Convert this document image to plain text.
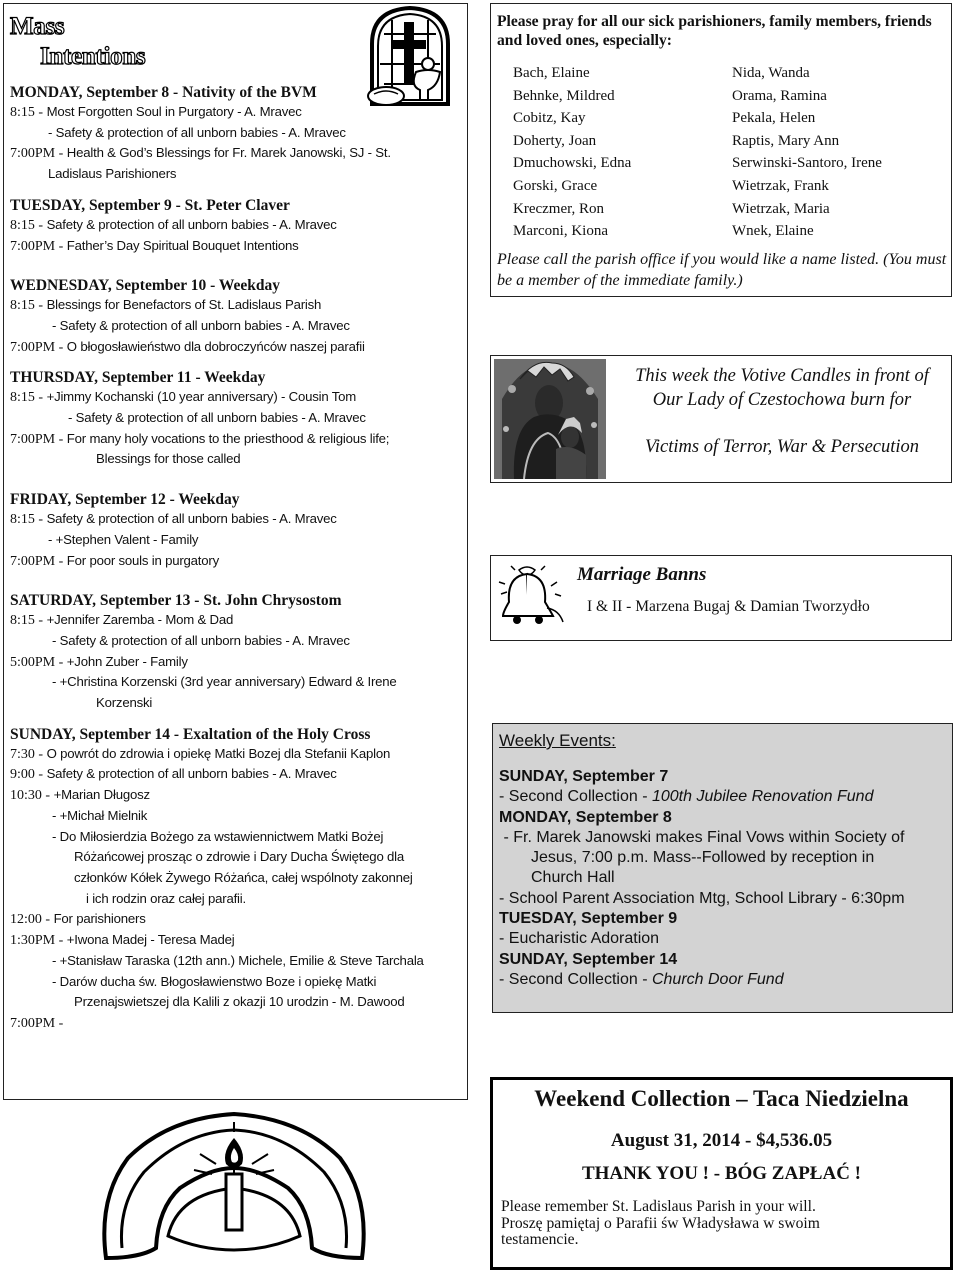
Mass
Intentions
MONDAY, September 8 - Nativity of the BVM
8:15 - Most Forgotten Soul in Purgatory - A. Mravec
- Safety & protection of all unborn babies - A. Mravec
7:00PM - Health & God’s Blessings for Fr. Marek Janowski, SJ - St.
Ladislaus Parishioners
TUESDAY, September 9 - St. Peter Claver
8:15 - Safety & protection of all unborn babies - A. Mravec
7:00PM - Father’s Day Spiritual Bouquet Intentions
WEDNESDAY, September 10 - Weekday
8:15 - Blessings for Benefactors of St. Ladislaus Parish
- Safety & protection of all unborn babies - A. Mravec
7:00PM - O błogosławieństwo dla dobroczyńców naszej parafii
THURSDAY, September 11 - Weekday
8:15 - +Jimmy Kochanski (10 year anniversary) - Cousin Tom
- Safety & protection of all unborn babies - A. Mravec
7:00PM - For many holy vocations to the priesthood & religious life;
Blessings for those called
FRIDAY, September 12 - Weekday
8:15 - Safety & protection of all unborn babies - A. Mravec
- +Stephen Valent - Family
7:00PM - For poor souls in purgatory
SATURDAY, September 13 - St. John Chrysostom
8:15 - +Jennifer Zaremba - Mom & Dad
- Safety & protection of all unborn babies - A. Mravec
5:00PM - +John Zuber - Family
- +Christina Korzenski (3rd year anniversary) Edward & Irene
Korzenski
SUNDAY, September 14 - Exaltation of the Holy Cross
7:30 - O powrót do zdrowia i opiekę Matki Bozej dla Stefanii Kaplon
9:00 - Safety & protection of all unborn babies - A. Mravec
10:30 - +Marian Długosz
- +Michał Mielnik
- Do Miłosierdzia Bożego za wstawiennictwem Matki Bożej
Różańcowej prosząc o zdrowie i Dary Ducha Świętego dla
członków Kółek Żywego Różańca, całej wspólnoty zakonnej
i ich rodzin oraz całej parafii.
12:00 - For parishioners
1:30PM - +Iwona Madej - Teresa Madej
- +Stanisław Taraska (12th ann.) Michele, Emilie & Steve Tarchala
- Darów ducha św. Błogosławienstwo Boze i opiekę Matki
Przenajswietszej dla Kalili z okazji 10 urodzin - M. Dawood
7:00PM -
Please pray for all our sick parishioners, family members, friends and loved ones, especially:
Bach, Elaine
Behnke, Mildred
Cobitz, Kay
Doherty, Joan
Dmuchowski, Edna
Gorski, Grace
Kreczmer, Ron
Marconi, Kiona
Nida, Wanda
Orama, Ramina
Pekala, Helen
Raptis, Mary Ann
Serwinski-Santoro, Irene
Wietrzak, Frank
Wietrzak, Maria
Wnek, Elaine
Please call the parish office if you would like a name listed. (You must be a member of the immediate family.)
This week the Votive Candles in front of
Our Lady of Czestochowa burn for
Victims of Terror, War & Persecution
Marriage Banns
I & II - Marzena Bugaj & Damian Tworzydło
Weekly Events:
SUNDAY, September 7
- Second Collection - 100th Jubilee Renovation Fund
MONDAY, September 8
- Fr. Marek Janowski makes Final Vows within Society of
Jesus, 7:00 p.m. Mass--Followed by reception in
Church Hall
- School Parent Association Mtg, School Library - 6:30pm
TUESDAY, September 9
- Eucharistic Adoration
SUNDAY, September 14
- Second Collection - Church Door Fund
Weekend Collection – Taca Niedzielna
August 31, 2014 - $4,536.05
THANK YOU ! - BÓG ZAPŁAĆ !
Please remember St. Ladislaus Parish in your will.
Proszę pamiętaj o Parafii św Władysława w swoim
testamencie.
